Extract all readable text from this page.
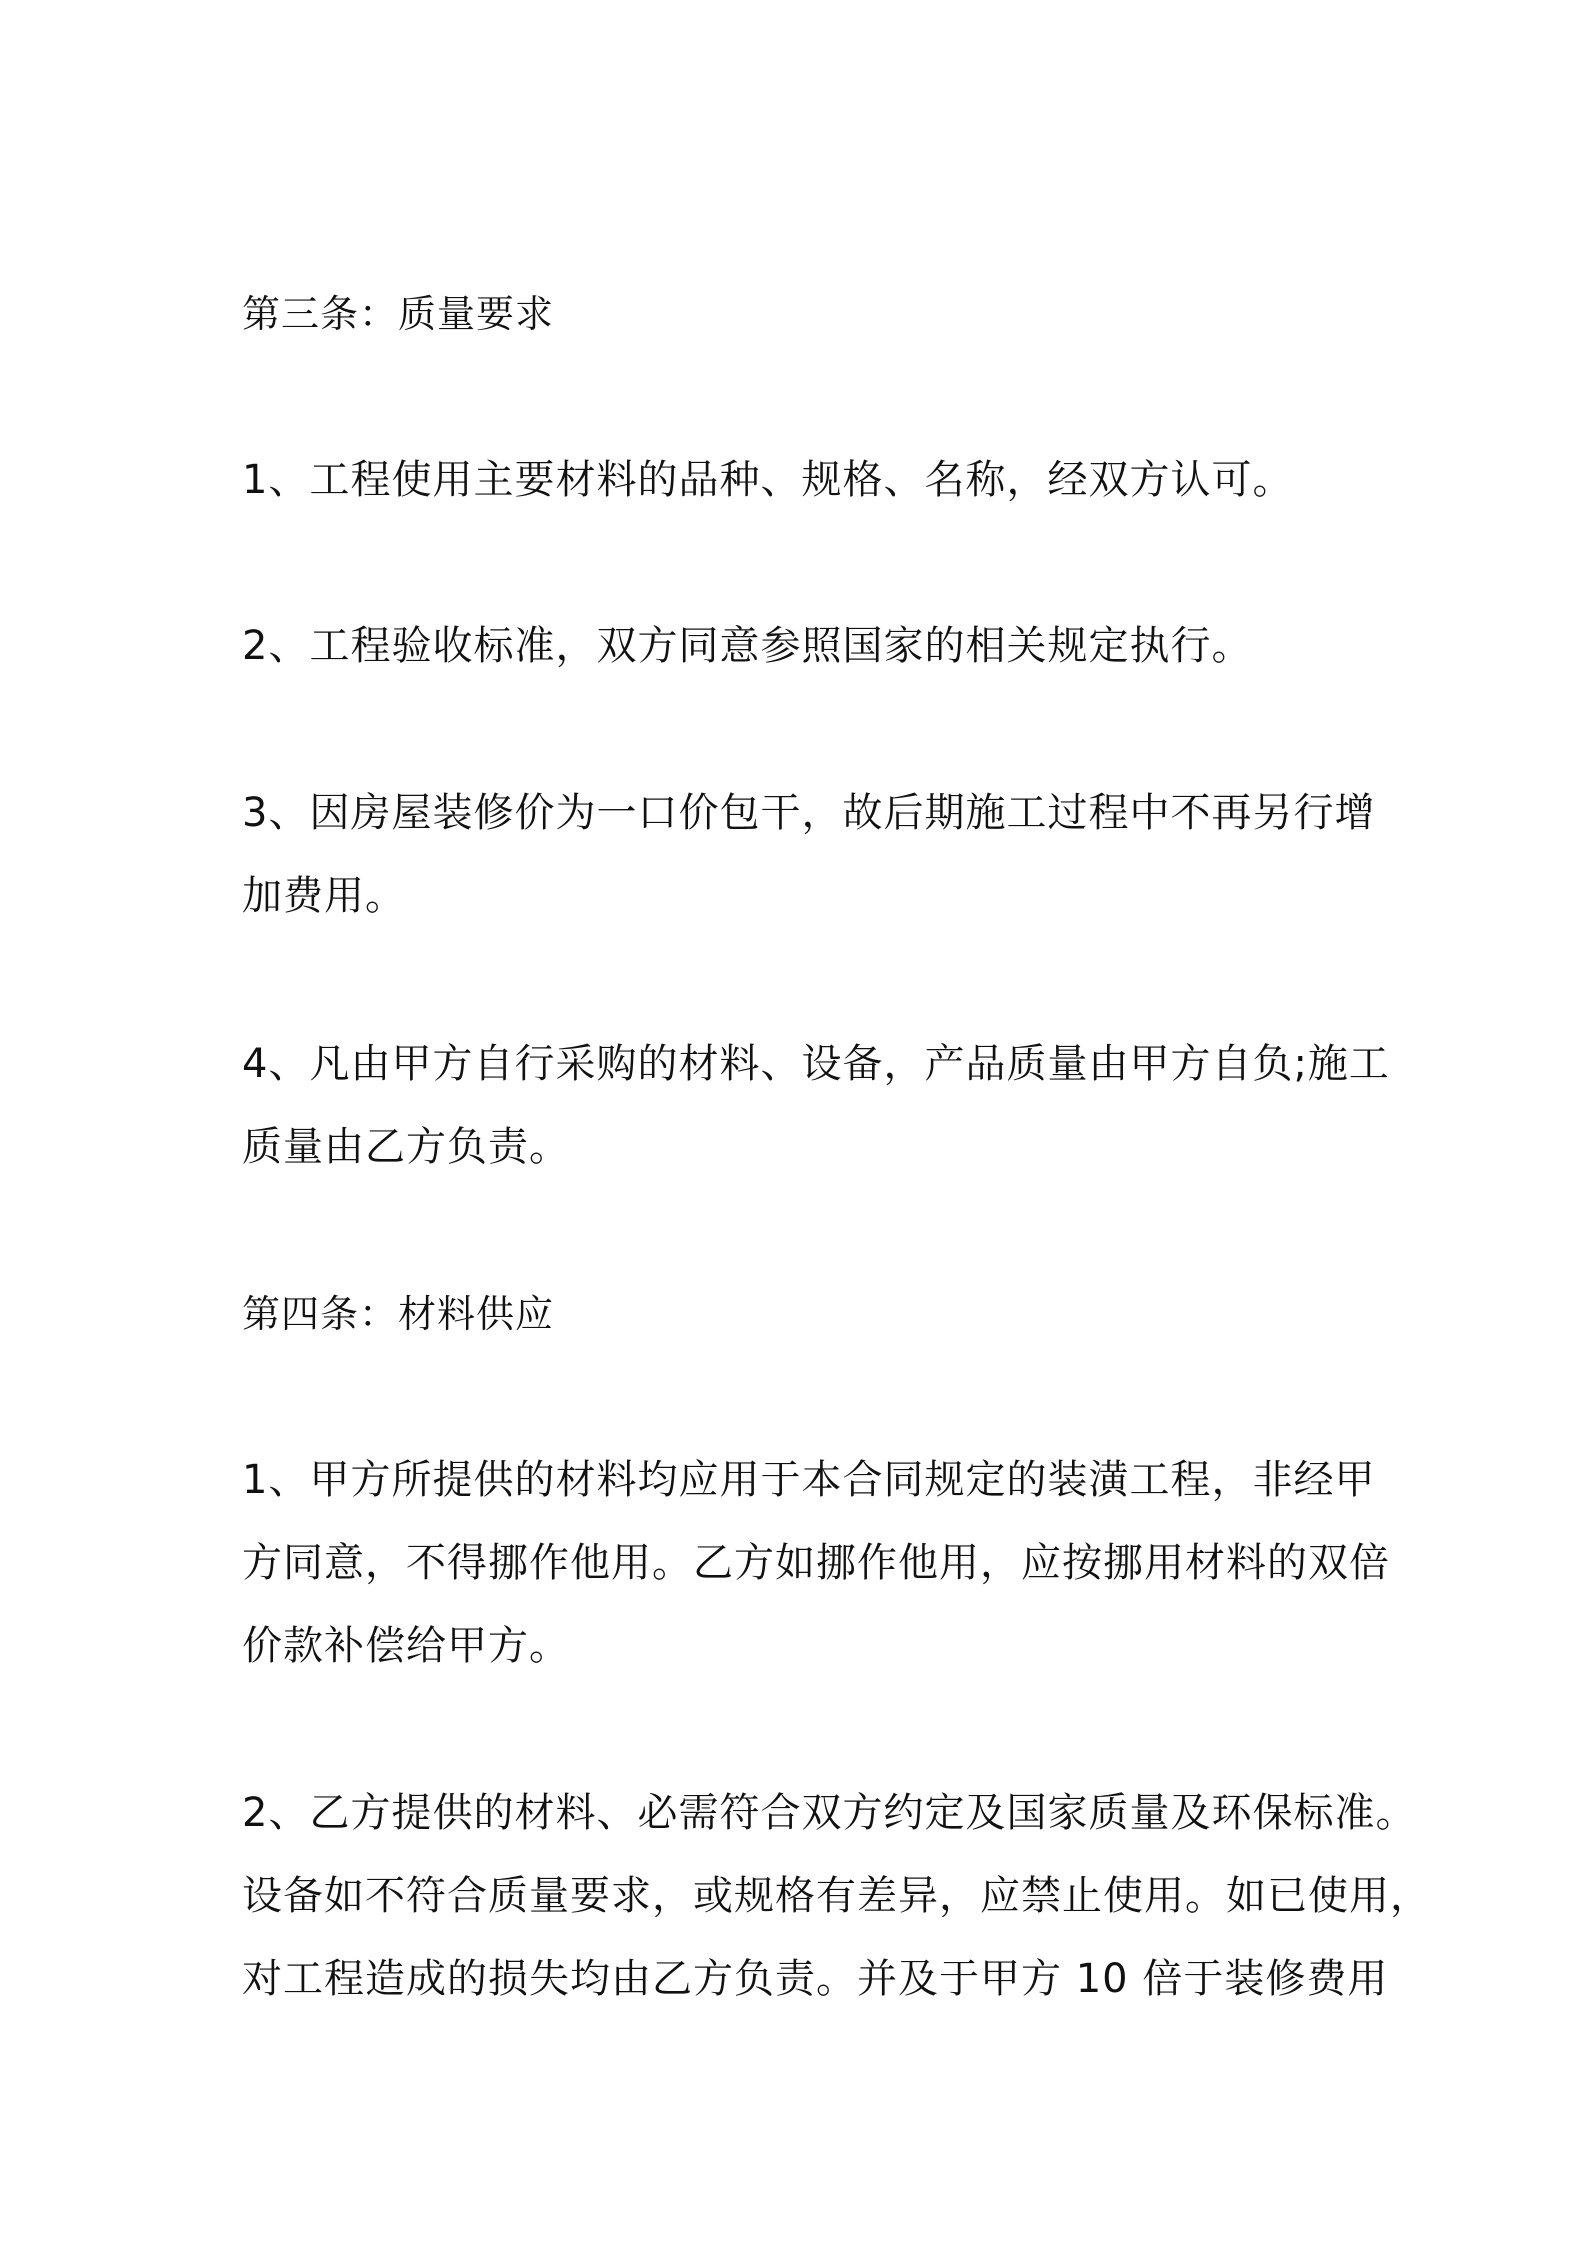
第三条：质量要求

1、工程使用主要材料的品种、规格、名称，经双方认可。

2、工程验收标准，双方同意参照国家的相关规定执行。

3、因房屋装修价为一口价包干，故后期施工过程中不再另行增

加费用。

4、凡由甲方自行采购的材料、设备，产品质量由甲方自负;施工

质量由乙方负责。

第四条：材料供应

1、甲方所提供的材料均应用于本合同规定的装潢工程，非经甲

方同意，不得挪作他用。乙方如挪作他用，应按挪用材料的双倍

价款补偿给甲方。

2、乙方提供的材料、必需符合双方约定及国家质量及环保标准。

设备如不符合质量要求，或规格有差异，应禁止使用。如已使用，

对工程造成的损失均由乙方负责。并及于甲方 10 倍于装修费用
